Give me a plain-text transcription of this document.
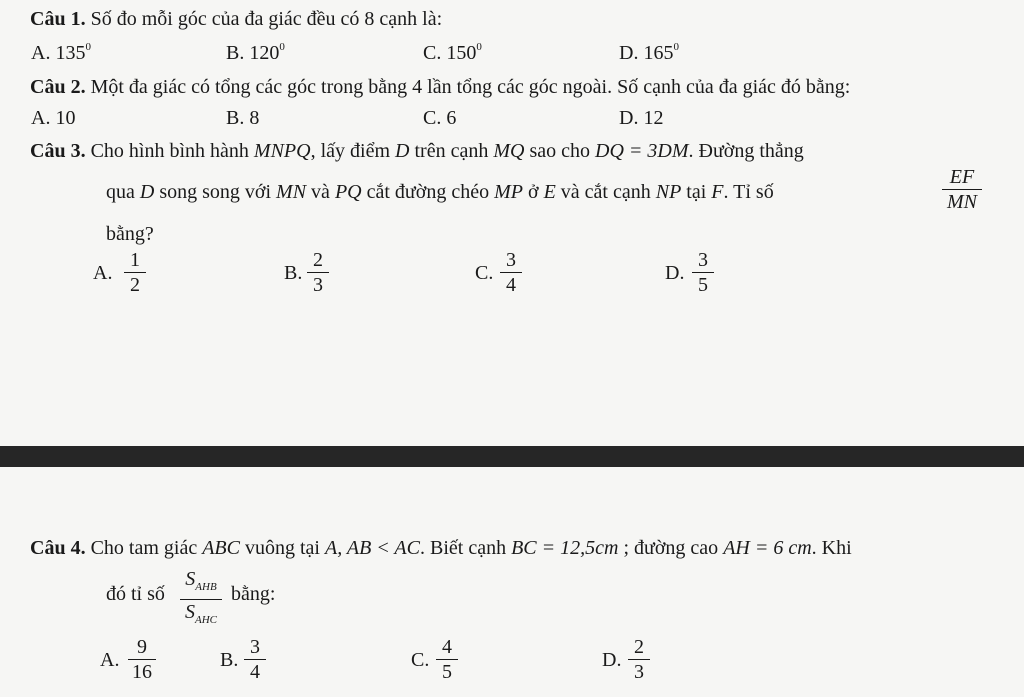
Câu 1. Số đo mỗi góc của đa giác đều có 8 cạnh là:
A. $135^0$	B. $120^0$	C. $150^0$	D. $165^0$
Câu 2. Một đa giác có tổng các góc trong bằng 4 lần tổng các góc ngoài. Số cạnh của đa giác đó bằng:
A. 10	B. 8	C. 6	D. 12
Câu 3. Cho hình bình hành MNPQ, lấy điểm D trên cạnh MQ sao cho DQ = 3DM. Đường thẳng
qua D song song với MN và PQ cắt đường chéo MP ở E và cắt cạnh NP tại F. Tỉ số
EF
MN
bằng?
A.
1
2
B.
2
3
C.
3
4
D.
3
5
Câu 4. Cho tam giác ABC vuông tại A, AB < AC. Biết cạnh BC = 12,5cm ; đường cao AH = 6 cm. Khi
đó tỉ số
$S_{AHB}$
$S_{AHC}$
bằng:
A.
9
16
B.
3
4
C.
4
5
D.
2
3
